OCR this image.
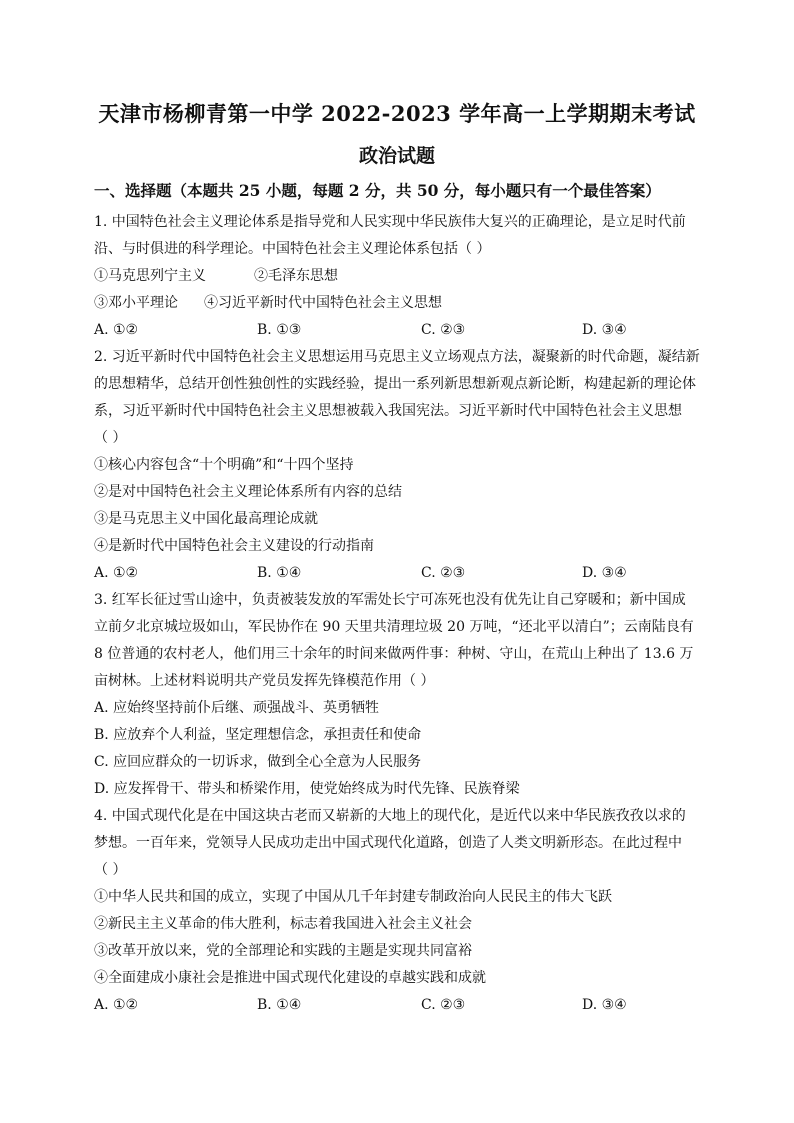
天津市杨柳青第一中学 2022-2023 学年高一上学期期末考试
政治试题
一、选择题（本题共 25 小题，每题 2 分，共 50 分，每小题只有一个最佳答案）
1. 中国特色社会主义理论体系是指导党和人民实现中华民族伟大复兴的正确理论，是立足时代前
沿、与时俱进的科学理论。中国特色社会主义理论体系包括（ ）
①马克思列宁主义	②毛泽东思想
③邓小平理论 ④习近平新时代中国特色社会主义思想
A. ①②	B. ①③	C. ②③	D. ③④
2. 习近平新时代中国特色社会主义思想运用马克思主义立场观点方法，凝聚新的时代命题，凝结新
的思想精华，总结开创性独创性的实践经验，提出一系列新思想新观点新论断，构建起新的理论体
系，习近平新时代中国特色社会主义思想被载入我国宪法。习近平新时代中国特色社会主义思想
（ ）
①核心内容包含“十个明确”和“十四个坚持
②是对中国特色社会主义理论体系所有内容的总结
③是马克思主义中国化最高理论成就
④是新时代中国特色社会主义建设的行动指南
A. ①②	B. ①④	C. ②③	D. ③④
3. 红军长征过雪山途中，负责被装发放的军需处长宁可冻死也没有优先让自己穿暖和；新中国成
立前夕北京城垃圾如山，军民协作在 90 天里共清理垃圾 20 万吨，“还北平以清白”；云南陆良有
8 位普通的农村老人，他们用三十余年的时间来做两件事：种树、守山，在荒山上种出了 13.6 万
亩树林。上述材料说明共产党员发挥先锋模范作用（ ）
A. 应始终坚持前仆后继、顽强战斗、英勇牺牲
B. 应放弃个人利益，坚定理想信念，承担责任和使命
C. 应回应群众的一切诉求，做到全心全意为人民服务
D. 应发挥骨干、带头和桥梁作用，使党始终成为时代先锋、民族脊梁
4. 中国式现代化是在中国这块古老而又崭新的大地上的现代化，是近代以来中华民族孜孜以求的
梦想。一百年来，党领导人民成功走出中国式现代化道路，创造了人类文明新形态。在此过程中
（ ）
①中华人民共和国的成立，实现了中国从几千年封建专制政治向人民民主的伟大飞跃
②新民主主义革命的伟大胜利，标志着我国进入社会主义社会
③改革开放以来，党的全部理论和实践的主题是实现共同富裕
④全面建成小康社会是推进中国式现代化建设的卓越实践和成就
A. ①②	B. ①④	C. ②③	D. ③④
